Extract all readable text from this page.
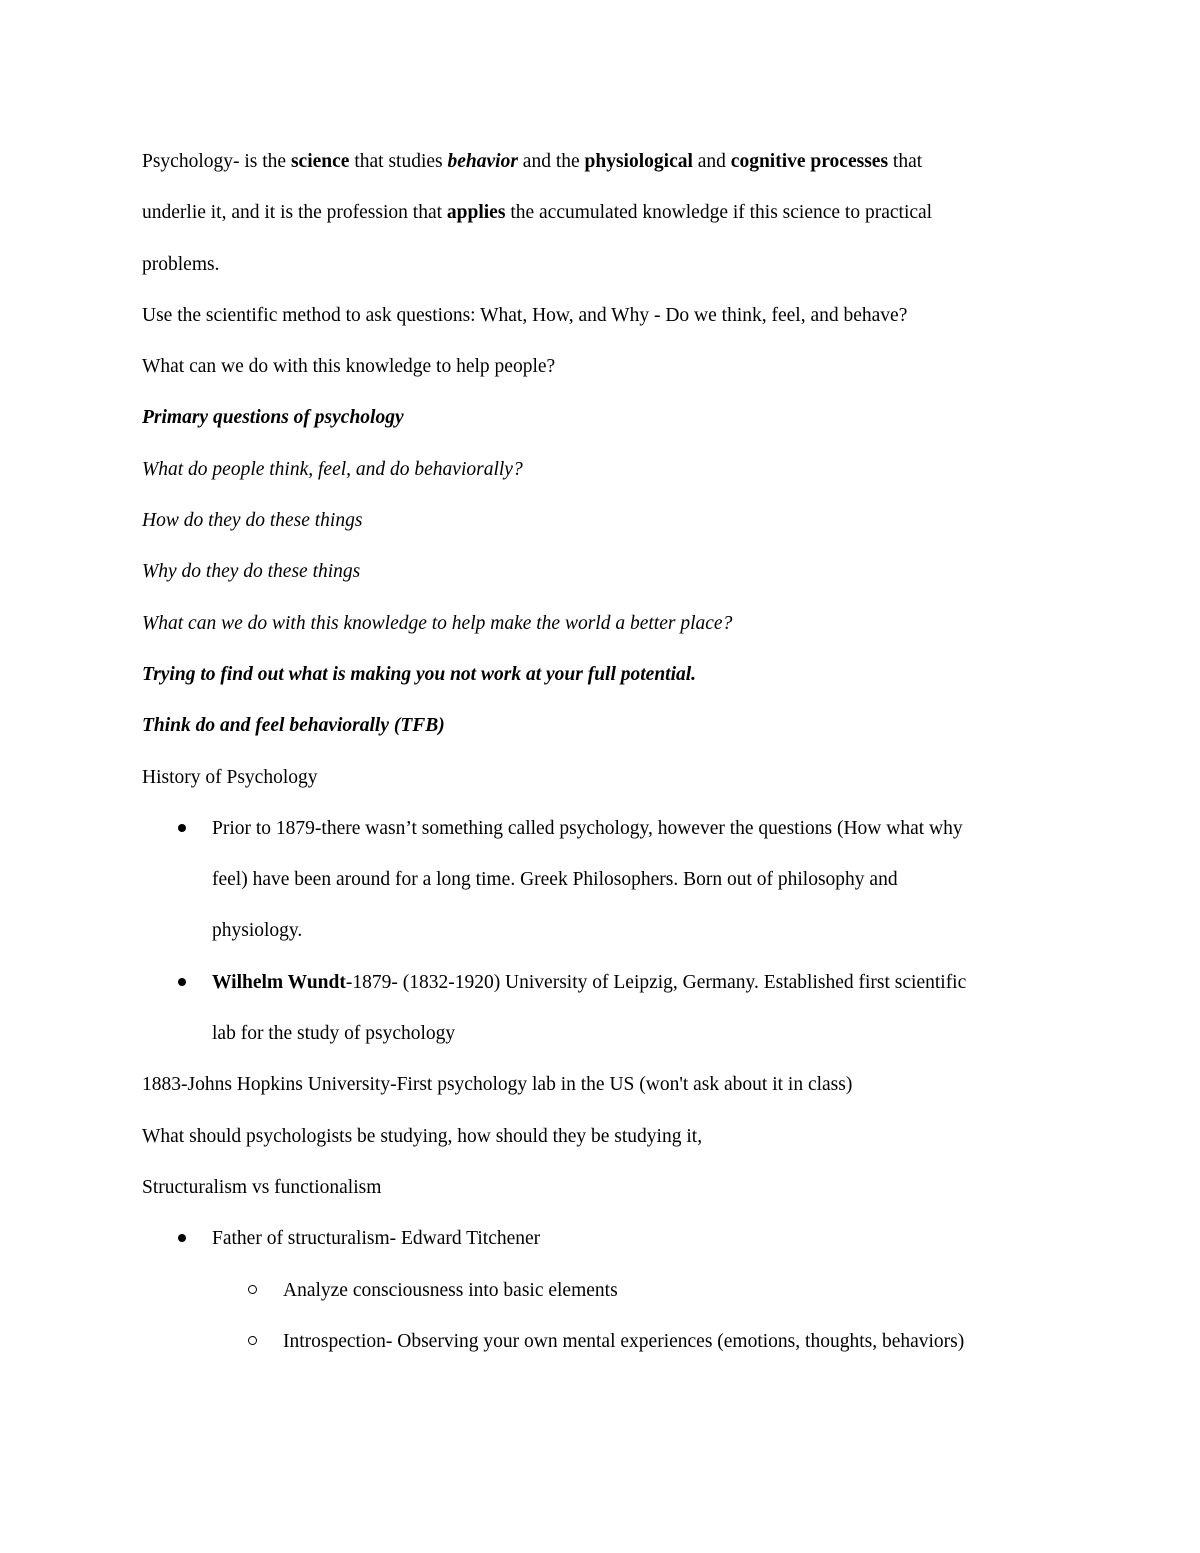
Psychology- is the science that studies behavior and the physiological and cognitive processes that

underlie it, and it is the profession that applies the accumulated knowledge if this science to practical

problems.

Use the scientific method to ask questions: What, How, and Why - Do we think, feel, and behave?

What can we do with this knowledge to help people?

Primary questions of psychology

What do people think, feel, and do behaviorally?

How do they do these things

Why do they do these things

What can we do with this knowledge to help make the world a better place?

Trying to find out what is making you not work at your full potential.

Think do and feel behaviorally (TFB)

History of Psychology

Prior to 1879-there wasn’t something called psychology, however the questions (How what why
feel) have been around for a long time. Greek Philosophers. Born out of philosophy and
physiology.
Wilhelm Wundt-1879- (1832-1920) University of Leipzig, Germany. Established first scientific
lab for the study of psychology

1883-Johns Hopkins University-First psychology lab in the US (won't ask about it in class)

What should psychologists be studying, how should they be studying it,

Structuralism vs functionalism

Father of structuralism- Edward Titchener
Analyze consciousness into basic elements
Introspection- Observing your own mental experiences (emotions, thoughts, behaviors)
